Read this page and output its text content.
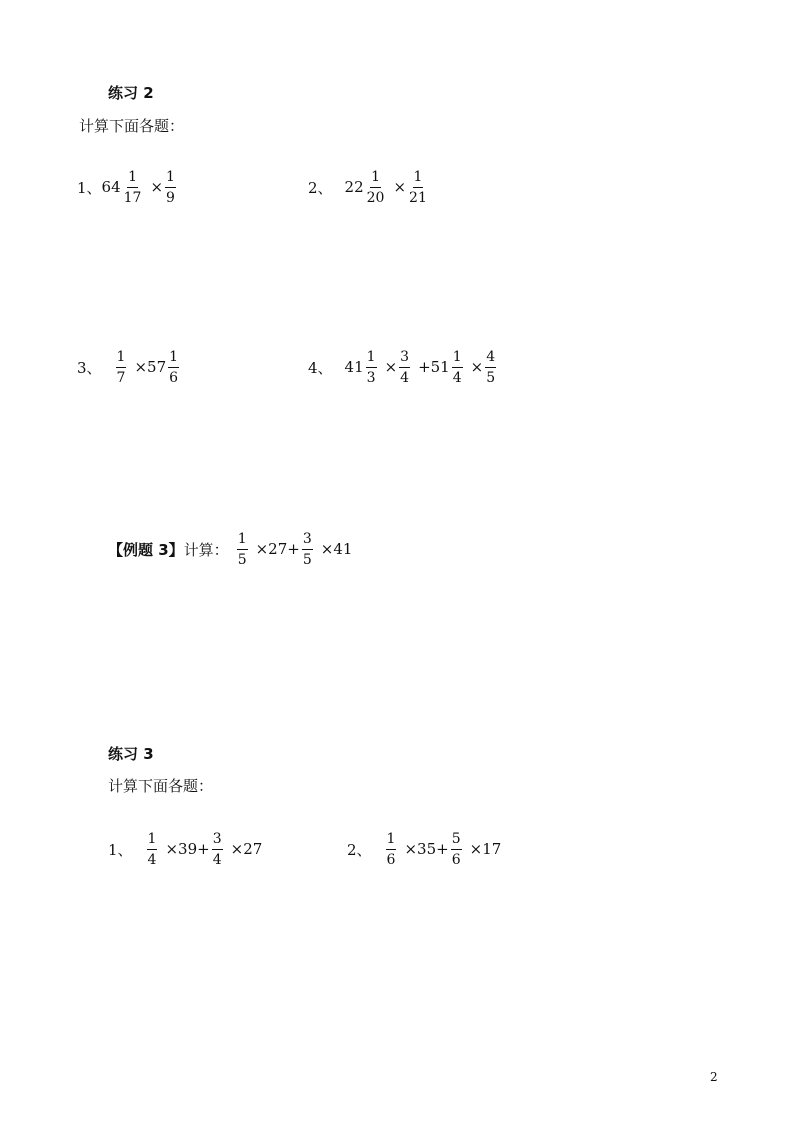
练习 2
计算下面各题：
1、 $64 \frac{1}{17} \times \frac{1}{9}$	2、 $22 \frac{1}{20} \times \frac{1}{21}$
3、 $\frac{1}{7} \times 57 \frac{1}{6}$	4、 $41 \frac{1}{3} \times \frac{3}{4} +51 \frac{1}{4} \times \frac{4}{5}$
【例题 3】 计算： $\frac{1}{5} \times 27+ \frac{3}{5} \times 41$
练习 3
计算下面各题：
1、 $\frac{1}{4} \times 39+ \frac{3}{4} \times 27$	2、 $\frac{1}{6} \times 35+ \frac{5}{6} \times 17$
2
